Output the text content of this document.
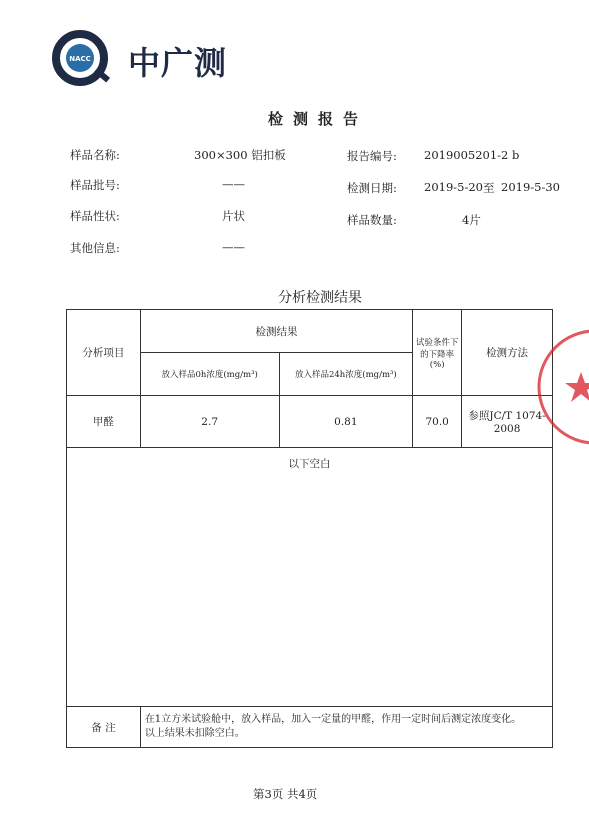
NACC 中广测
检测报告
样品名称:	300×300 铝扣板
样品批号:	——
样品性状:	片状
其他信息:	——
报告编号: 2019005201-2 b
检测日期: 2019-5-20 至 2019-5-30
样品数量:	4片
分析检测结果
分析项目	检测结果		试验条件下的下降率(%)	检测方法
	放入样品0h浓度(mg/m³)	放入样品24h浓度(mg/m³)		
甲醛	2.7	0.81	70.0	参照JC/T 1074-2008
以下空白				
备 注	在1立方米试验舱中，放入样品，加入一定量的甲醛，作用一定时间后测定浓度变化。
以上结果未扣除空白。			
第3页 共4页
